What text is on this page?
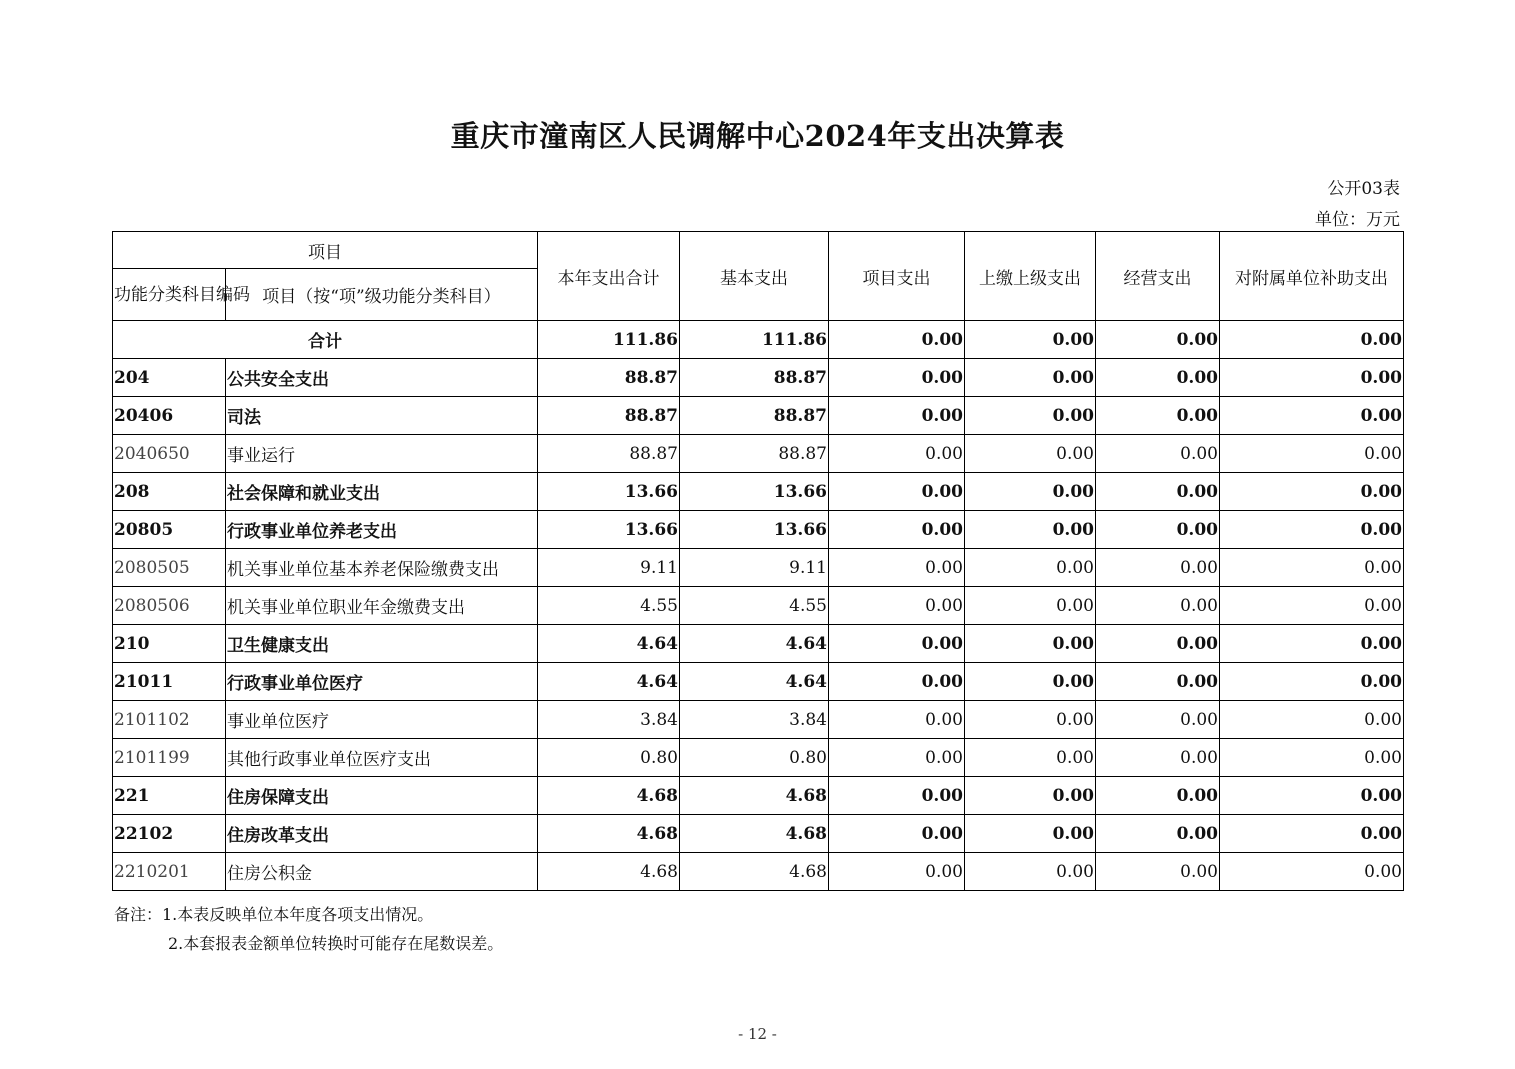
重庆市潼南区人民调解中心2024年支出决算表
公开03表
单位：万元
项目		本年支出合计	基本支出	项目支出	上缴上级支出	经营支出	对附属单位补助支出
功能分类科目编码	项目（按“项”级功能分类科目）						
合计		111.86	111.86	0.00	0.00	0.00	0.00
204	公共安全支出	88.87	88.87	0.00	0.00	0.00	0.00
20406	司法	88.87	88.87	0.00	0.00	0.00	0.00
2040650	事业运行	88.87	88.87	0.00	0.00	0.00	0.00
208	社会保障和就业支出	13.66	13.66	0.00	0.00	0.00	0.00
20805	行政事业单位养老支出	13.66	13.66	0.00	0.00	0.00	0.00
2080505	机关事业单位基本养老保险缴费支出	9.11	9.11	0.00	0.00	0.00	0.00
2080506	机关事业单位职业年金缴费支出	4.55	4.55	0.00	0.00	0.00	0.00
210	卫生健康支出	4.64	4.64	0.00	0.00	0.00	0.00
21011	行政事业单位医疗	4.64	4.64	0.00	0.00	0.00	0.00
2101102	事业单位医疗	3.84	3.84	0.00	0.00	0.00	0.00
2101199	其他行政事业单位医疗支出	0.80	0.80	0.00	0.00	0.00	0.00
221	住房保障支出	4.68	4.68	0.00	0.00	0.00	0.00
22102	住房改革支出	4.68	4.68	0.00	0.00	0.00	0.00
2210201	住房公积金	4.68	4.68	0.00	0.00	0.00	0.00
备注：1.本表反映单位本年度各项支出情况。
2.本套报表金额单位转换时可能存在尾数误差。
- 12 -
